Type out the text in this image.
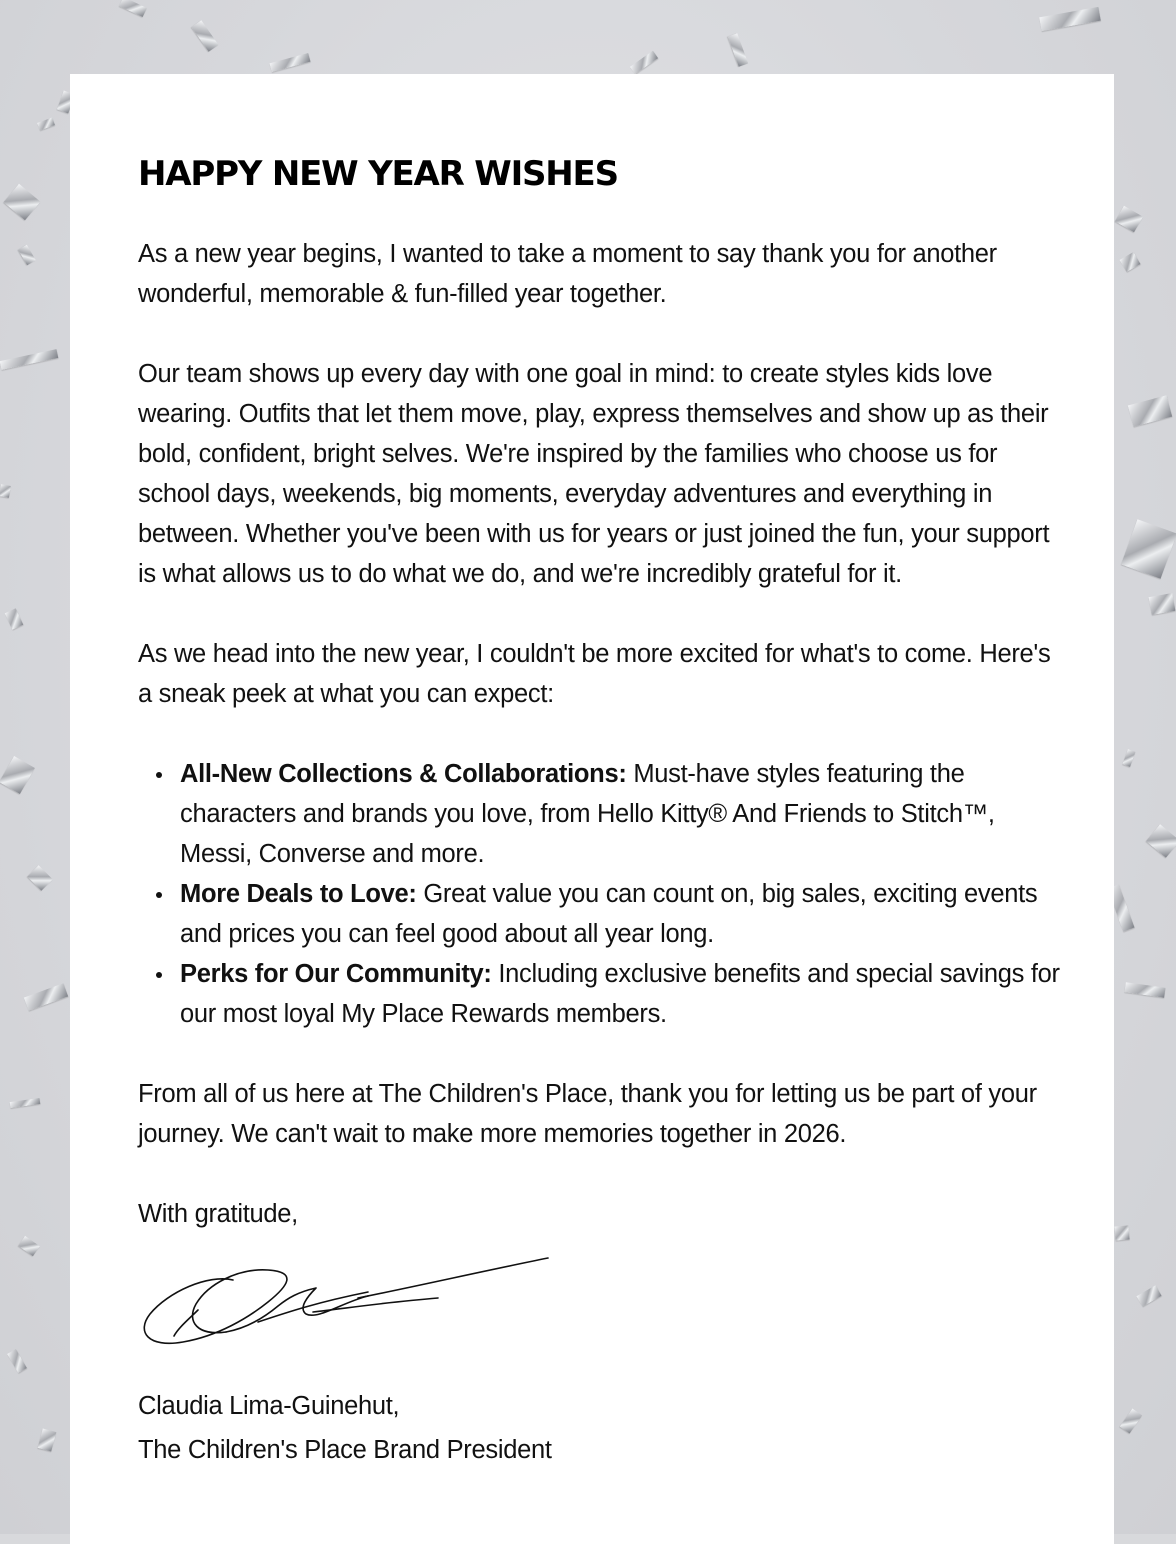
HAPPY NEW YEAR WISHES

As a new year begins, I wanted to take a moment to say thank you for another wonderful, memorable & fun-filled year together.

Our team shows up every day with one goal in mind: to create styles kids love wearing. Outfits that let them move, play, express themselves and show up as their bold, confident, bright selves. We're inspired by the families who choose us for school days, weekends, big moments, everyday adventures and everything in between. Whether you've been with us for years or just joined the fun, your support is what allows us to do what we do, and we're incredibly grateful for it.

As we head into the new year, I couldn't be more excited for what's to come. Here's a sneak peek at what you can expect:

All-New Collections & Collaborations: Must-have styles featuring the characters and brands you love, from Hello Kitty® And Friends to Stitch™, Messi, Converse and more.
More Deals to Love: Great value you can count on, big sales, exciting events and prices you can feel good about all year long.
Perks for Our Community: Including exclusive benefits and special savings for our most loyal My Place Rewards members.

From all of us here at The Children's Place, thank you for letting us be part of your journey. We can't wait to make more memories together in 2026.

With gratitude,

Claudia Lima-Guinehut,
The Children's Place Brand President
